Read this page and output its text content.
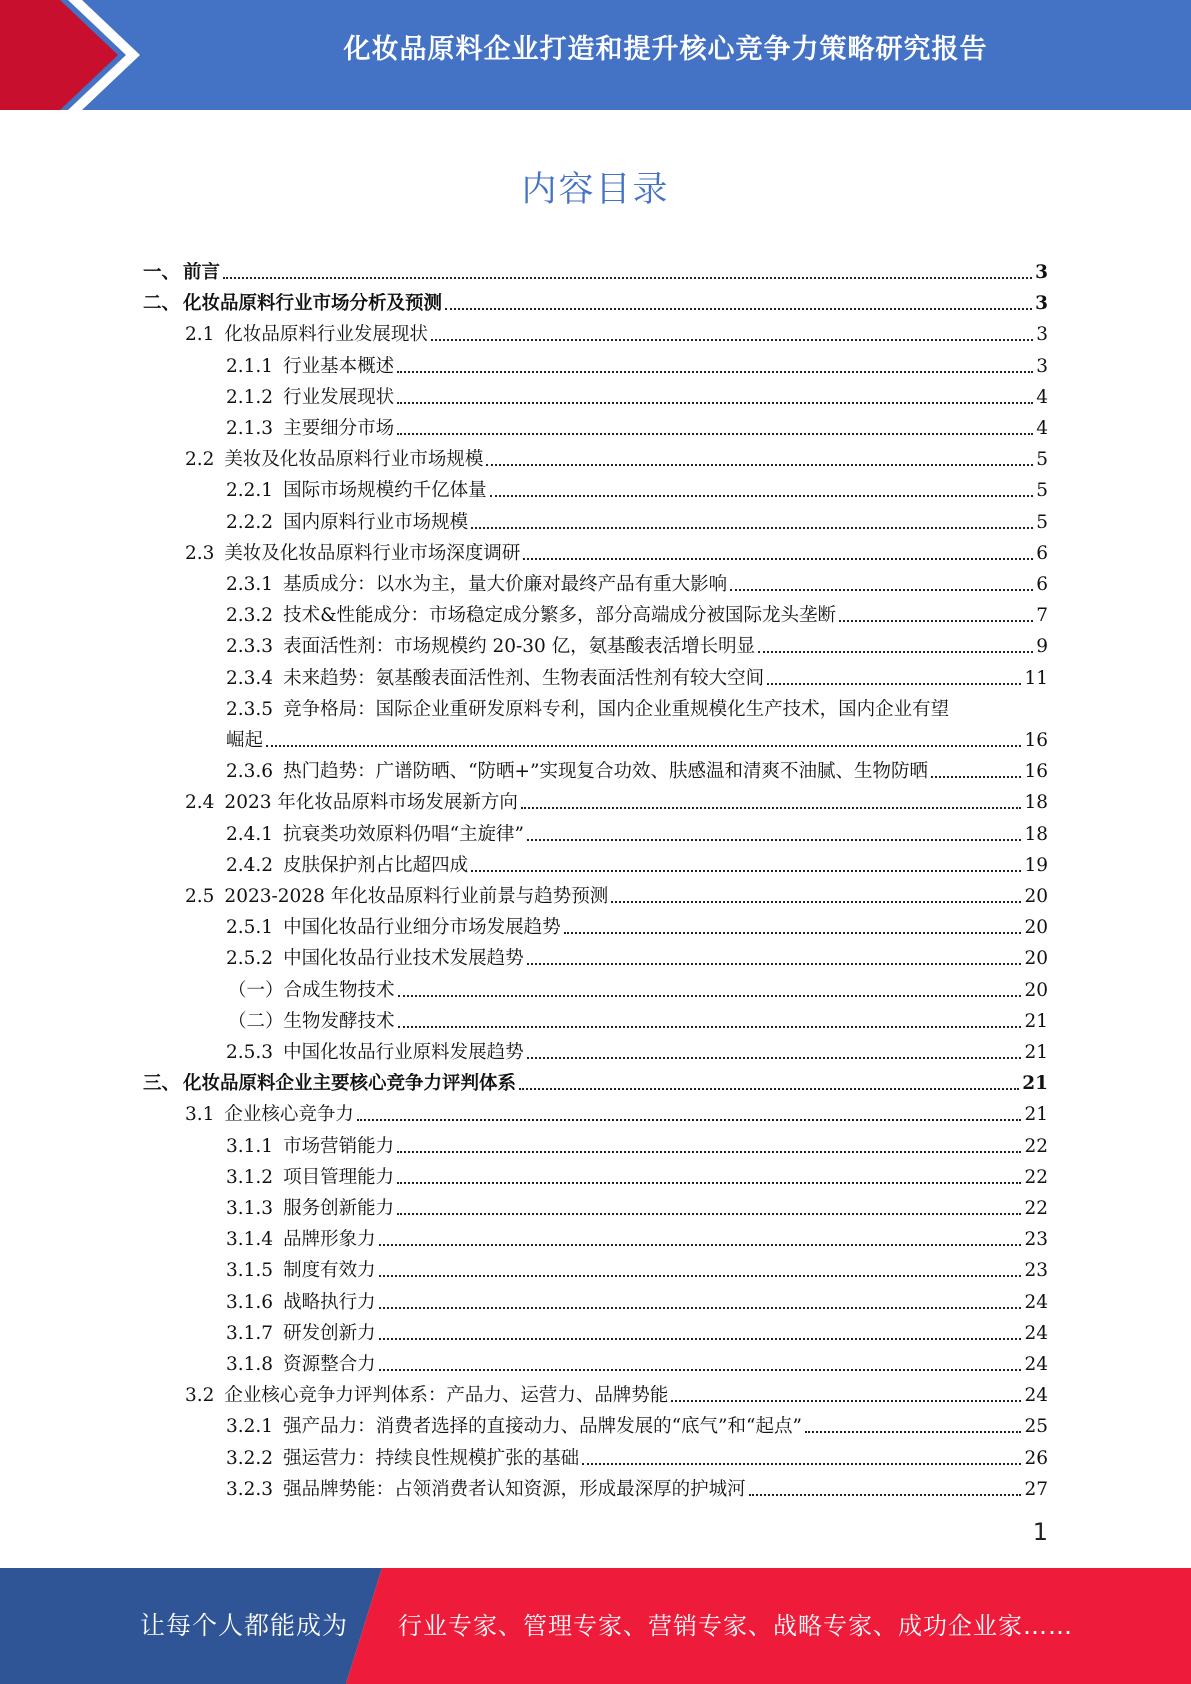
化妆品原料企业打造和提升核心竞争力策略研究报告
内容目录
一、 前言	3
二、 化妆品原料行业市场分析及预测	3
2.1 化妆品原料行业发展现状	3
2.1.1 行业基本概述	3
2.1.2 行业发展现状	4
2.1.3 主要细分市场	4
2.2 美妆及化妆品原料行业市场规模	5
2.2.1 国际市场规模约千亿体量	5
2.2.2 国内原料行业市场规模	5
2.3 美妆及化妆品原料行业市场深度调研	6
2.3.1 基质成分：以水为主，量大价廉对最终产品有重大影响	6
2.3.2 技术&性能成分：市场稳定成分繁多，部分高端成分被国际龙头垄断	7
2.3.3 表面活性剂：市场规模约 20-30 亿，氨基酸表活增长明显	9
2.3.4 未来趋势：氨基酸表面活性剂、生物表面活性剂有较大空间	11
2.3.5 竞争格局：国际企业重研发原料专利，国内企业重规模化生产技术，国内企业有望
崛起	16
2.3.6 热门趋势：广谱防晒、“防晒+”实现复合功效、肤感温和清爽不油腻、生物防晒	16
2.4 2023 年化妆品原料市场发展新方向	18
2.4.1 抗衰类功效原料仍唱“主旋律”	18
2.4.2 皮肤保护剂占比超四成	19
2.5 2023-2028 年化妆品原料行业前景与趋势预测	20
2.5.1 中国化妆品行业细分市场发展趋势	20
2.5.2 中国化妆品行业技术发展趋势	20
（一） 合成生物技术	20
（二） 生物发酵技术	21
2.5.3 中国化妆品行业原料发展趋势	21
三、 化妆品原料企业主要核心竞争力评判体系	21
3.1 企业核心竞争力	21
3.1.1 市场营销能力	22
3.1.2 项目管理能力	22
3.1.3 服务创新能力	22
3.1.4 品牌形象力	23
3.1.5 制度有效力	23
3.1.6 战略执行力	24
3.1.7 研发创新力	24
3.1.8 资源整合力	24
3.2 企业核心竞争力评判体系：产品力、运营力、品牌势能	24
3.2.1 强产品力：消费者选择的直接动力、品牌发展的“底气”和“起点”	25
3.2.2 强运营力：持续良性规模扩张的基础	26
3.2.3 强品牌势能：占领消费者认知资源，形成最深厚的护城河	27
1
让每个人都能成为 行业专家、管理专家、营销专家、战略专家、成功企业家……
